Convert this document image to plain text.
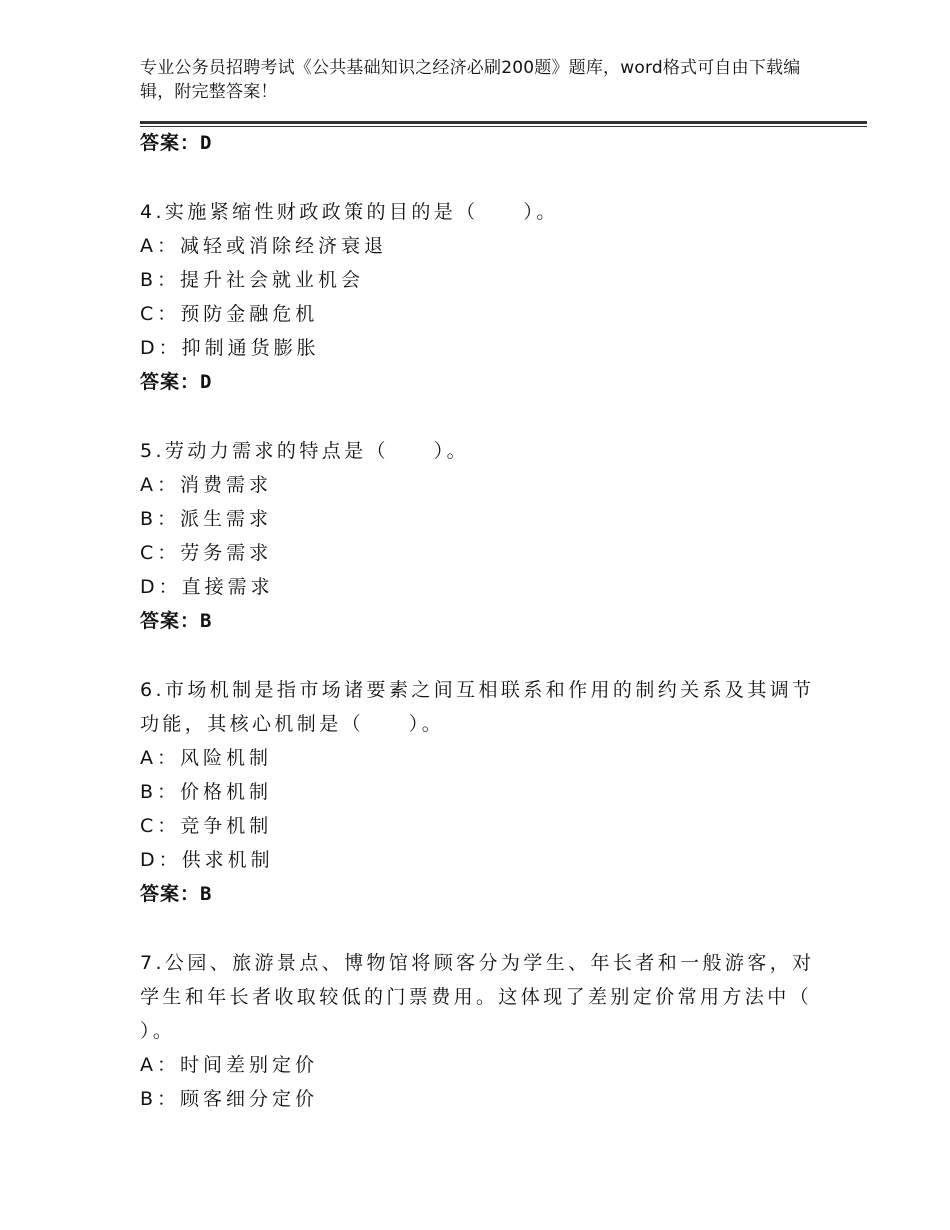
专业公务员招聘考试《公共基础知识之经济必刷200题》题库，word格式可自由下载编辑，附完整答案！
答案：D
4.实施紧缩性财政政策的目的是（　　）。
A：减轻或消除经济衰退
B：提升社会就业机会
C：预防金融危机
D：抑制通货膨胀
答案：D
5.劳动力需求的特点是（　　）。
A：消费需求
B：派生需求
C：劳务需求
D：直接需求
答案：B
6.市场机制是指市场诸要素之间互相联系和作用的制约关系及其调节
功能，其核心机制是（　　）。
A：风险机制
B：价格机制
C：竞争机制
D：供求机制
答案：B
7.公园、旅游景点、博物馆将顾客分为学生、年长者和一般游客，对
学生和年长者收取较低的门票费用。这体现了差别定价常用方法中（
）。
A：时间差别定价
B：顾客细分定价
